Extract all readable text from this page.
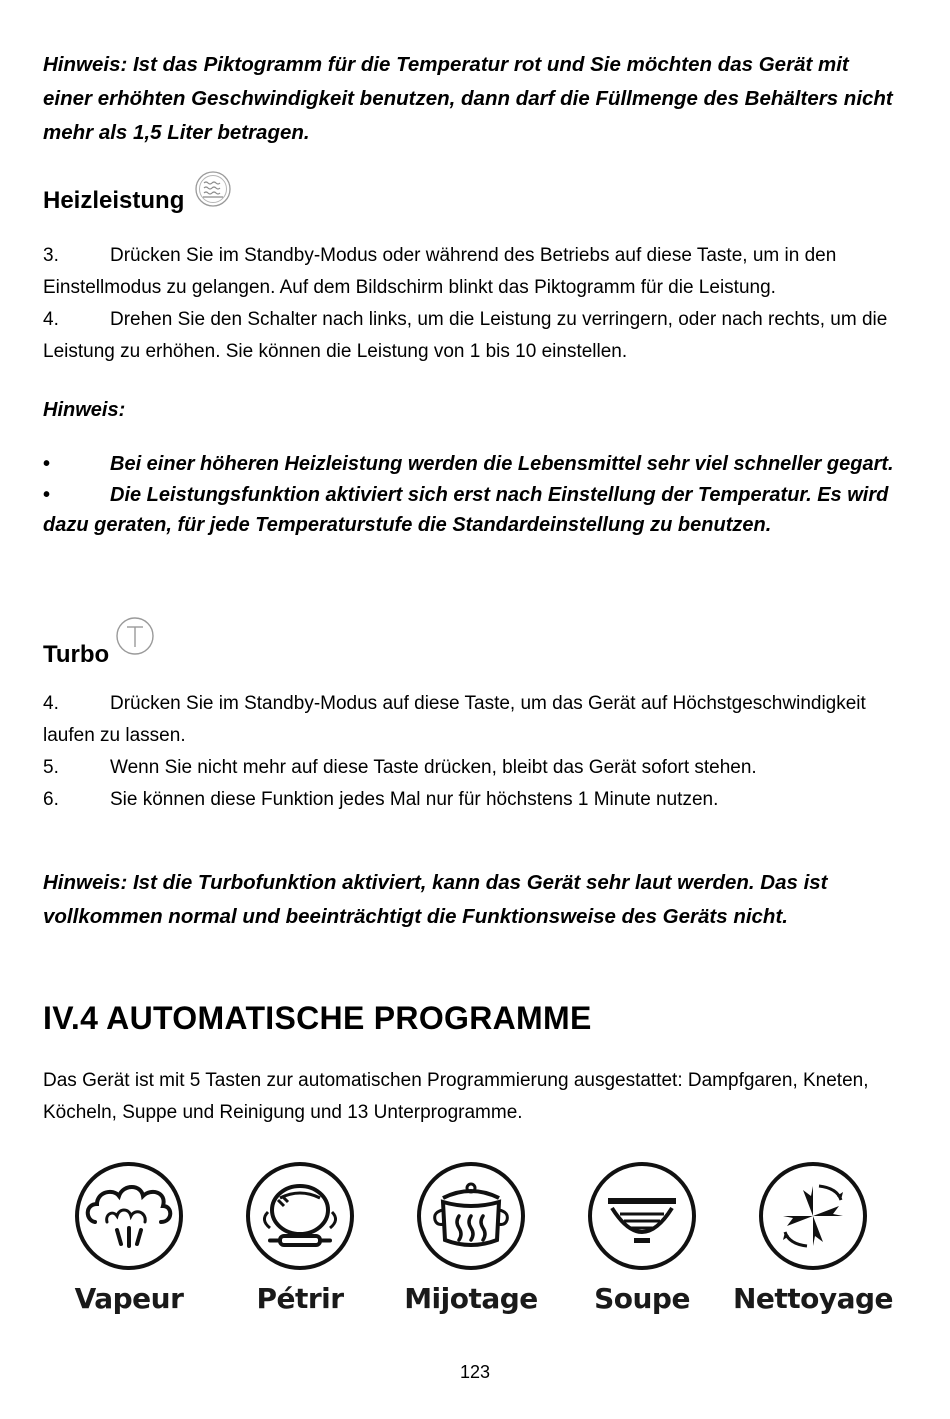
Hinweis: Ist das Piktogramm für die Temperatur rot und Sie möchten das Gerät mit einer erhöhten Geschwindigkeit benutzen, dann darf die Füllmenge des Behälters nicht mehr als 1,5 Liter betragen.
Heizleistung
3.	Drücken Sie im Standby-Modus oder während des Betriebs auf diese Taste, um in den Einstellmodus zu gelangen. Auf dem Bildschirm blinkt das Piktogramm für die Leistung.
4.	Drehen Sie den Schalter nach links, um die Leistung zu verringern, oder nach rechts, um die Leistung zu erhöhen. Sie können die Leistung von 1 bis 10 einstellen.
Hinweis:
•	Bei einer höheren Heizleistung werden die Lebensmittel sehr viel schneller gegart.
•	Die Leistungsfunktion aktiviert sich erst nach Einstellung der Temperatur. Es wird dazu geraten, für jede Temperaturstufe die Standardeinstellung zu benutzen.
Turbo
4.	Drücken Sie im Standby-Modus auf diese Taste, um das Gerät auf Höchstgeschwindigkeit laufen zu lassen.
5.	Wenn Sie nicht mehr auf diese Taste drücken, bleibt das Gerät sofort stehen.
6.	Sie können diese Funktion jedes Mal nur für höchstens 1 Minute nutzen.
Hinweis: Ist die Turbofunktion aktiviert, kann das Gerät sehr laut werden. Das ist vollkommen normal und beeinträchtigt die Funktionsweise des Geräts nicht.
IV.4 AUTOMATISCHE PROGRAMME
Das Gerät ist mit 5 Tasten zur automatischen Programmierung ausgestattet: Dampfgaren, Kneten, Köcheln, Suppe und Reinigung und 13 Unterprogramme.
Vapeur	Pétrir	Mijotage	Soupe	Nettoyage
123
